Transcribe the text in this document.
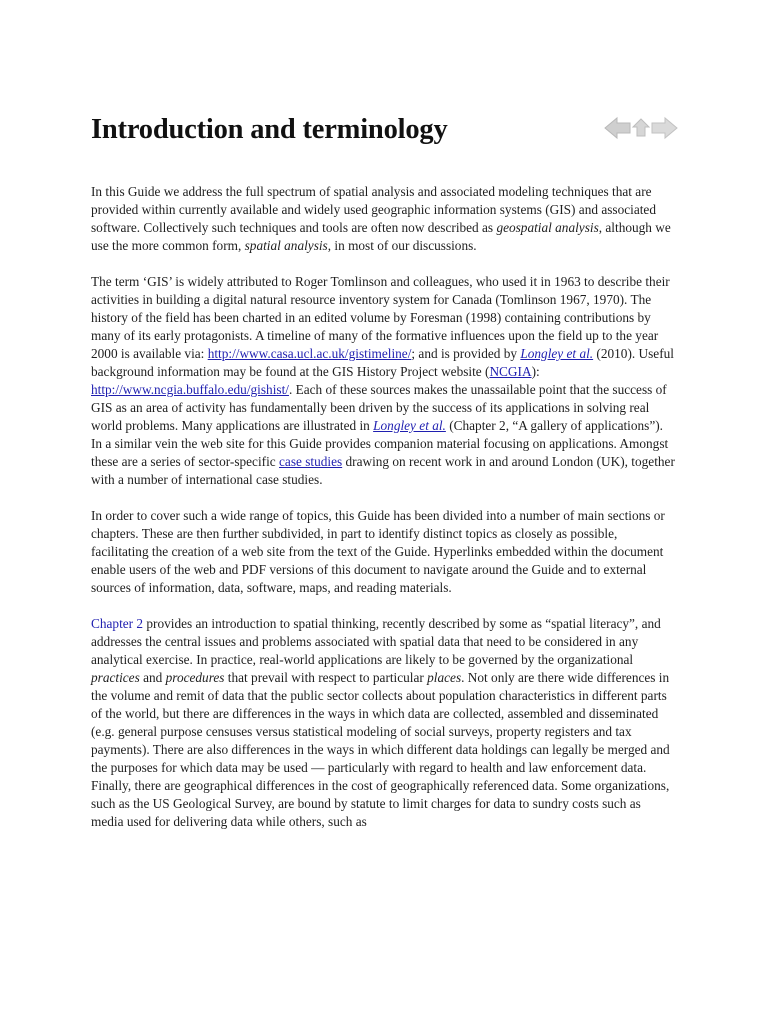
Introduction and terminology

In this Guide we address the full spectrum of spatial analysis and associated modeling techniques that are provided within currently available and widely used geographic information systems (GIS) and associated software. Collectively such techniques and tools are often now described as geospatial analysis, although we use the more common form, spatial analysis, in most of our discussions.

The term ‘GIS’ is widely attributed to Roger Tomlinson and colleagues, who used it in 1963 to describe their activities in building a digital natural resource inventory system for Canada (Tomlinson 1967, 1970). The history of the field has been charted in an edited volume by Foresman (1998) containing contributions by many of its early protagonists. A timeline of many of the formative influences upon the field up to the year 2000 is available via: http://www.casa.ucl.ac.uk/gistimeline/; and is provided by Longley et al. (2010). Useful background information may be found at the GIS History Project website (NCGIA): http://www.ncgia.buffalo.edu/gishist/. Each of these sources makes the unassailable point that the success of GIS as an area of activity has fundamentally been driven by the success of its applications in solving real world problems. Many applications are illustrated in Longley et al. (Chapter 2, “A gallery of applications”). In a similar vein the web site for this Guide provides companion material focusing on applications. Amongst these are a series of sector-specific case studies drawing on recent work in and around London (UK), together with a number of international case studies.

In order to cover such a wide range of topics, this Guide has been divided into a number of main sections or chapters. These are then further subdivided, in part to identify distinct topics as closely as possible, facilitating the creation of a web site from the text of the Guide. Hyperlinks embedded within the document enable users of the web and PDF versions of this document to navigate around the Guide and to external sources of information, data, software, maps, and reading materials.

Chapter 2 provides an introduction to spatial thinking, recently described by some as “spatial literacy”, and addresses the central issues and problems associated with spatial data that need to be considered in any analytical exercise. In practice, real-world applications are likely to be governed by the organizational practices and procedures that prevail with respect to particular places. Not only are there wide differences in the volume and remit of data that the public sector collects about population characteristics in different parts of the world, but there are differences in the ways in which data are collected, assembled and disseminated (e.g. general purpose censuses versus statistical modeling of social surveys, property registers and tax payments). There are also differences in the ways in which different data holdings can legally be merged and the purposes for which data may be used — particularly with regard to health and law enforcement data. Finally, there are geographical differences in the cost of geographically referenced data. Some organizations, such as the US Geological Survey, are bound by statute to limit charges for data to sundry costs such as media used for delivering data while others, such as
